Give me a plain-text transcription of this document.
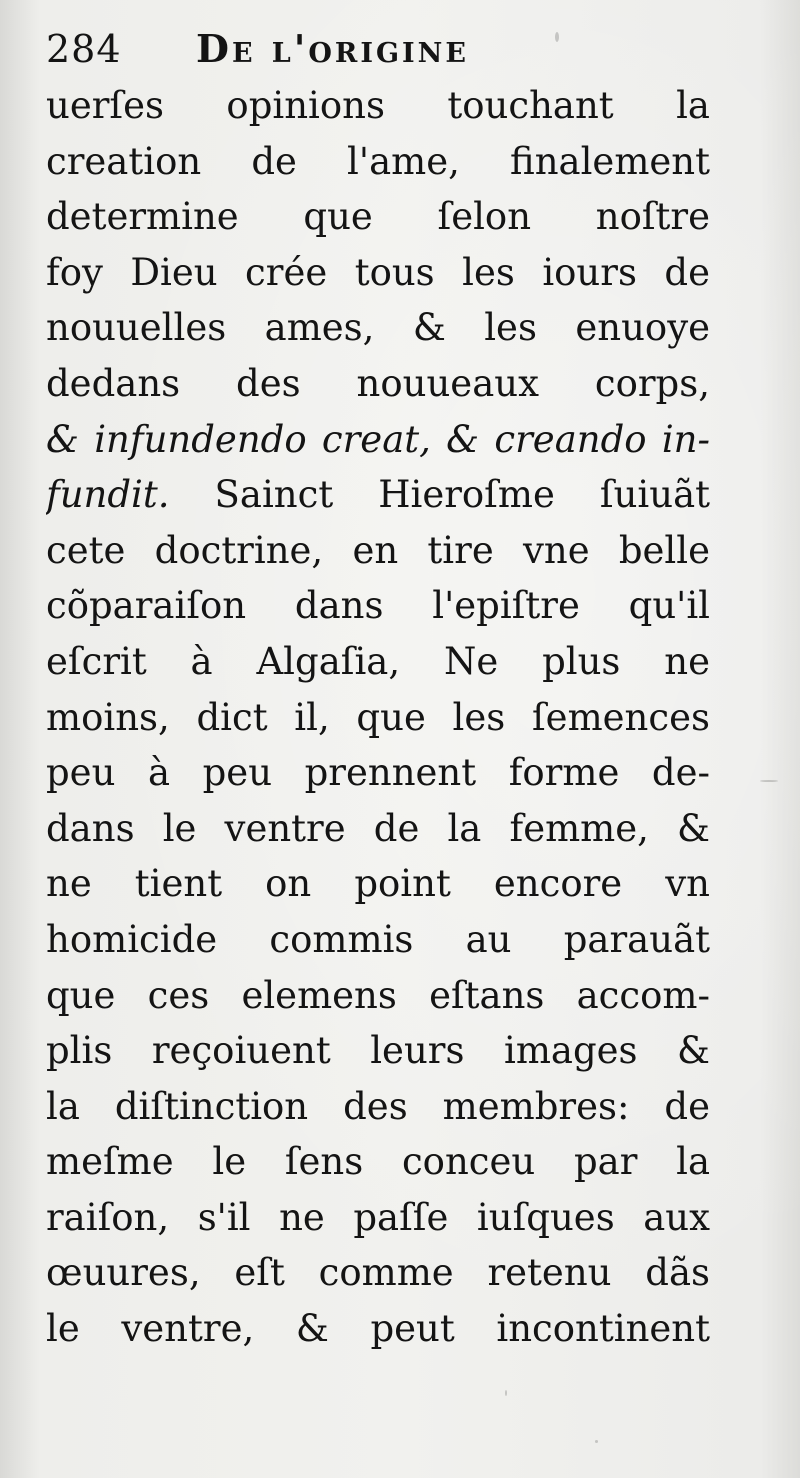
284 De l'origine
uerſes opinions touchant la
creation de l'ame, finalement
determine que ſelon noſtre
foy Dieu crée tous les iours de
nouuelles ames, & les enuoye
dedans des nouueaux corps,
& infundendo creat, & creando in-
fundit. Sainct Hieroſme ſuiuãt
cete doctrine, en tire vne belle
cõparaiſon dans l'epiſtre qu'il
eſcrit à Algaſia, Ne plus ne
moins, dict il, que les ſemences
peu à peu prennent forme de-
dans le ventre de la femme, &
ne tient on point encore vn
homicide commis au parauãt
que ces elemens eſtans accom-
plis reçoiuent leurs images &
la diſtinction des membres: de
meſme le ſens conceu par la
raiſon, s'il ne paſſe iuſques aux
œuures, eſt comme retenu dãs
le ventre, & peut incontinent
